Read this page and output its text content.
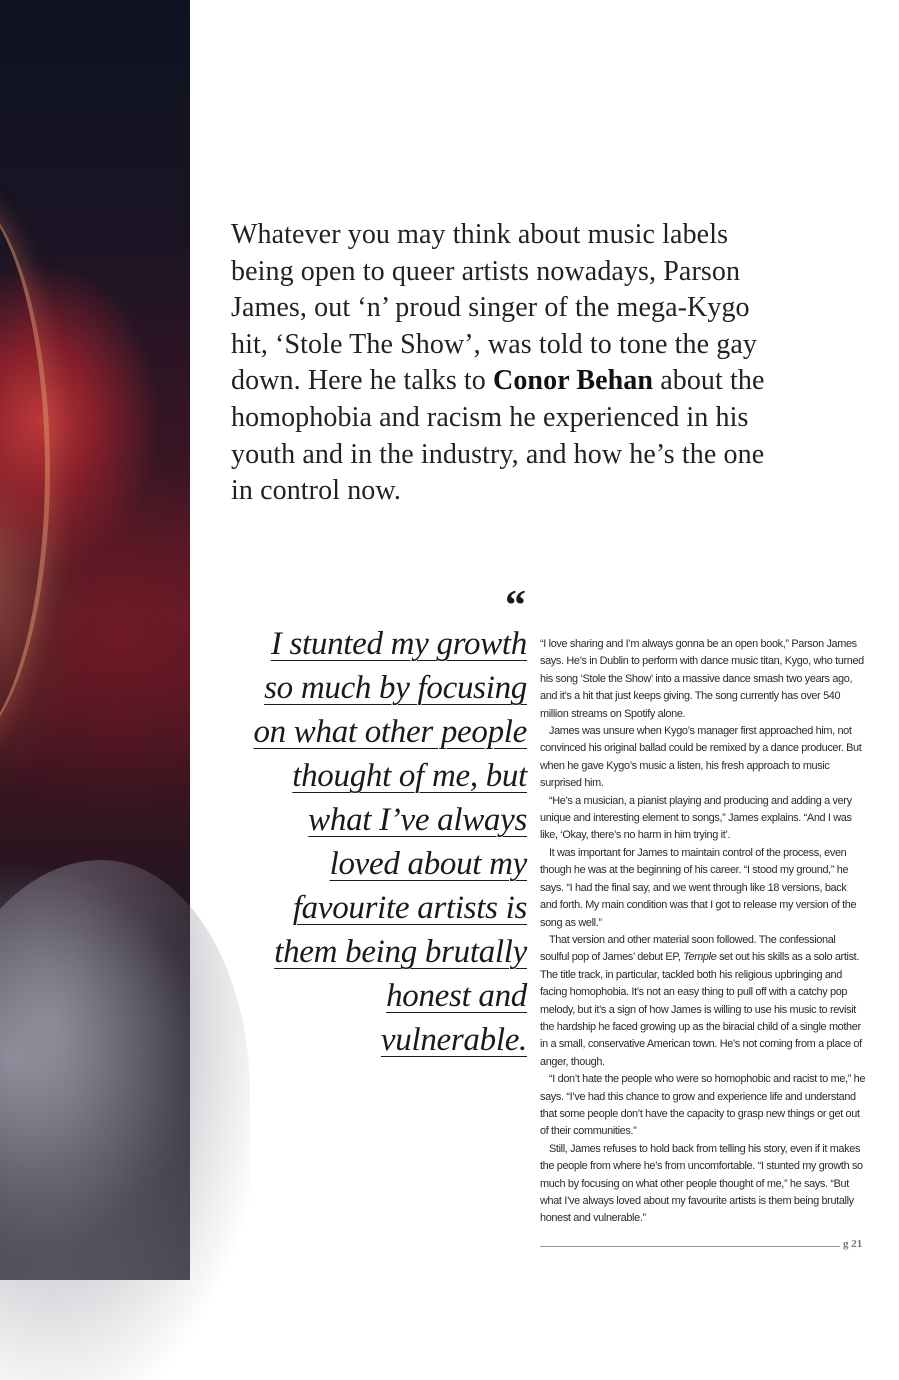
Whatever you may think about music labels being open to queer artists nowadays, Parson James, out ‘n’ proud singer of the mega-Kygo hit, ‘Stole The Show’, was told to tone the gay down. Here he talks to Conor Behan about the homophobia and racism he experienced in his youth and in the industry, and how he’s the one in control now.

“

I stunted my growth so much by focusing on what other people thought of me, but what I’ve always loved about my favourite artists is them being brutally honest and vulnerable.

“I love sharing and I’m always gonna be an open book,” Parson James says. He’s in Dublin to perform with dance music titan, Kygo, who turned his song ‘Stole the Show’ into a massive dance smash two years ago, and it’s a hit that just keeps giving. The song currently has over 540 million streams on Spotify alone.

James was unsure when Kygo’s manager first approached him, not convinced his original ballad could be remixed by a dance producer. But when he gave Kygo’s music a listen, his fresh approach to music surprised him.

“He’s a musician, a pianist playing and producing and adding a very unique and interesting element to songs,” James explains. “And I was like, ‘Okay, there’s no harm in him trying it’.

It was important for James to maintain control of the process, even though he was at the beginning of his career. “I stood my ground,” he says. “I had the final say, and we went through like 18 versions, back and forth. My main condition was that I got to release my version of the song as well.”

That version and other material soon followed. The confessional soulful pop of James’ debut EP, Temple set out his skills as a solo artist. The title track, in particular, tackled both his religious upbringing and facing homophobia. It’s not an easy thing to pull off with a catchy pop melody, but it’s a sign of how James is willing to use his music to revisit the hardship he faced growing up as the biracial child of a single mother in a small, conservative American town. He’s not coming from a place of anger, though.

“I don’t hate the people who were so homophobic and racist to me,” he says. “I’ve had this chance to grow and experience life and understand that some people don’t have the capacity to grasp new things or get out of their communities.”

Still, James refuses to hold back from telling his story, even if it makes the people from where he’s from uncomfortable. “I stunted my growth so much by focusing on what other people thought of me,” he says. “But what I’ve always loved about my favourite artists is them being brutally honest and vulnerable.”

g 21
